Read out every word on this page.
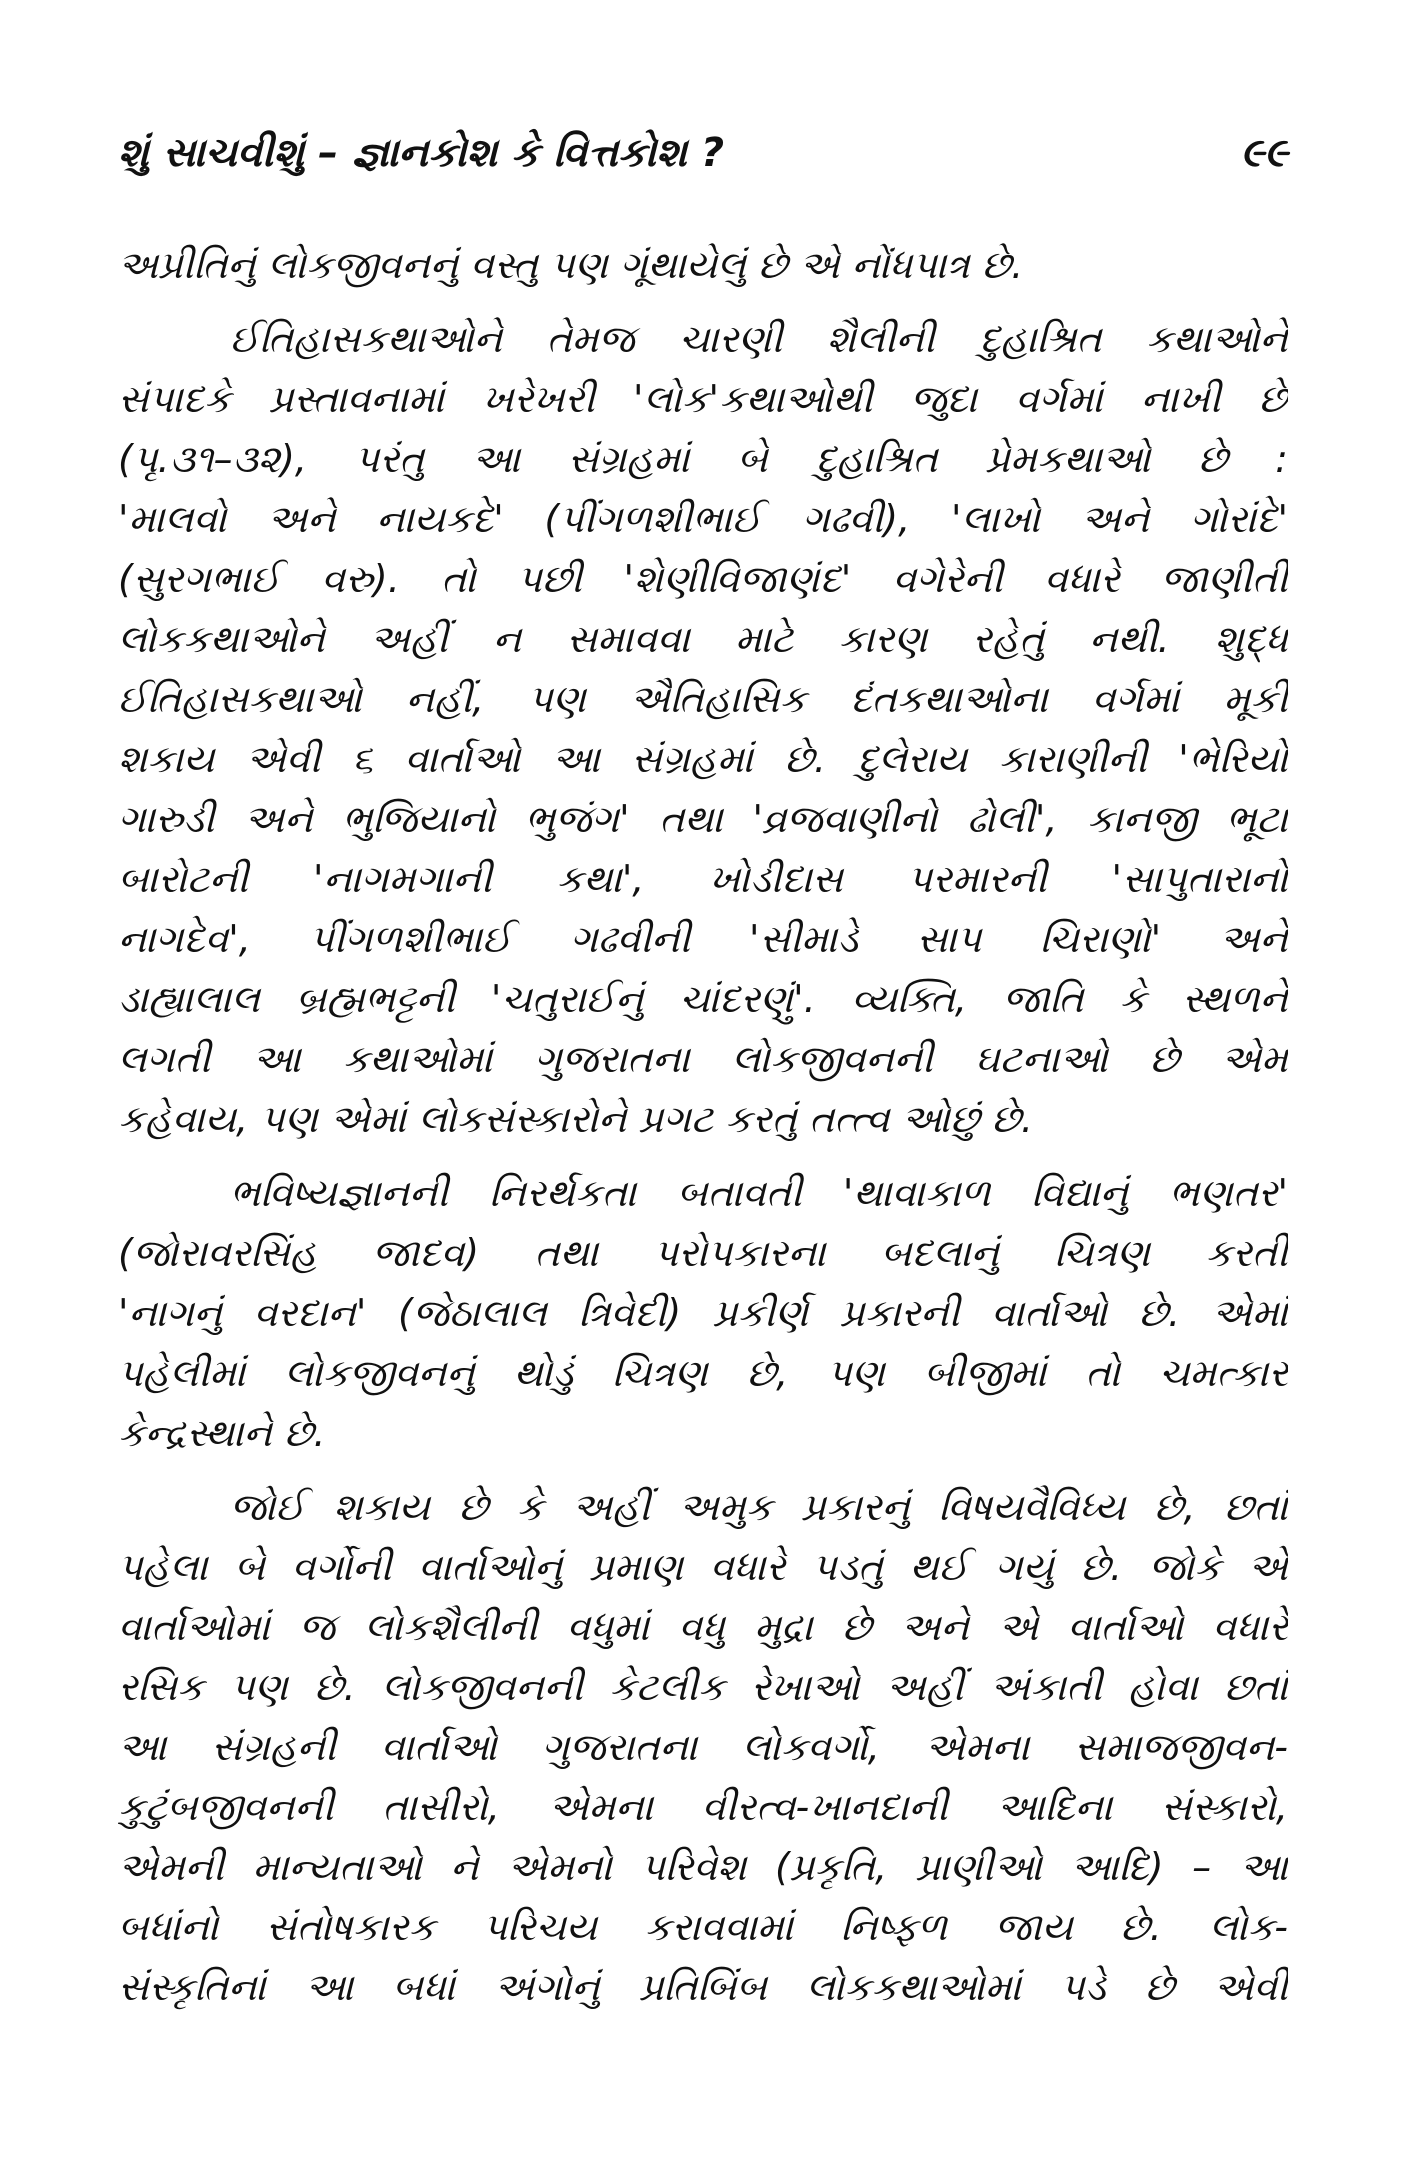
શું સાચવીશું – જ્ઞાનકોશ કે વિત્તકોશ ?	૯૯
અપ્રીતિનું લોકજીવનનું વસ્તુ પણ ગૂંથાયેલું છે એ નોંધપાત્ર છે.
ઈતિહાસકથાઓને તેમજ ચારણી શૈલીની દુહાશ્રિત કથાઓને
સંપાદકે પ્રસ્તાવનામાં ખરેખરી 'લોક'કથાઓથી જુદા વર્ગમાં નાખી છે
(પૃ.૩૧–૩૨), પરંતુ આ સંગ્રહમાં બે દુહાશ્રિત પ્રેમકથાઓ છે :
'માલવો અને નાયકદે' (પીંગળશીભાઈ ગઢવી), 'લાખો અને ગોરાંદે'
(સુરગભાઈ વરુ). તો પછી 'શેણીવિજાણંદ' વગેરેની વધારે જાણીતી
લોકકથાઓને અહીં ન સમાવવા માટે કારણ રહેતું નથી. શુદ્ધ
ઈતિહાસકથાઓ નહીં, પણ ઐતિહાસિક દંતકથાઓના વર્ગમાં મૂકી
શકાય એવી ૬ વાર્તાઓ આ સંગ્રહમાં છે. દુલેરાય કારાણીની 'ભેરિયો
ગારુડી અને ભુજિયાનો ભુજંગ' તથા 'વ્રજવાણીનો ઢોલી', કાનજી ભૂટા
બારોટની 'નાગમગાની કથા', ખોડીદાસ પરમારની 'સાપુતારાનો
નાગદેવ', પીંગળશીભાઈ ગઢવીની 'સીમાડે સાપ ચિરાણો' અને
ડાહ્યાલાલ બ્રહ્મભટ્ટની 'ચતુરાઈનું ચાંદરણું'. વ્યક્તિ, જાતિ કે સ્થળને
લગતી આ કથાઓમાં ગુજરાતના લોકજીવનની ઘટનાઓ છે એમ
કહેવાય, પણ એમાં લોકસંસ્કારોને પ્રગટ કરતું તત્ત્વ ઓછું છે.
ભવિષ્યજ્ઞાનની નિરર્થકતા બતાવતી 'થાવાકાળ વિદ્યાનું ભણતર'
(જોરાવરસિંહ જાદવ) તથા પરોપકારના બદલાનું ચિત્રણ કરતી
'નાગનું વરદાન' (જેઠાલાલ ત્રિવેદી) પ્રકીર્ણ પ્રકારની વાર્તાઓ છે. એમાં
પહેલીમાં લોકજીવનનું થોડું ચિત્રણ છે, પણ બીજીમાં તો ચમત્કાર
કેન્દ્રસ્થાને છે.
જોઈ શકાય છે કે અહીં અમુક પ્રકારનું વિષયવૈવિધ્ય છે, છતાં
પહેલા બે વર્ગોની વાર્તાઓનું પ્રમાણ વધારે પડતું થઈ ગયું છે. જોકે એ
વાર્તાઓમાં જ લોકશૈલીની વધુમાં વધુ મુદ્રા છે અને એ વાર્તાઓ વધારે
રસિક પણ છે. લોકજીવનની કેટલીક રેખાઓ અહીં અંકાતી હોવા છતાં
આ સંગ્રહની વાર્તાઓ ગુજરાતના લોકવર્ગો, એમના સમાજજીવન-
કુટુંબજીવનની તાસીરો, એમના વીરત્વ-ખાનદાની આદિના સંસ્કારો,
એમની માન્યતાઓ ને એમનો પરિવેશ (પ્રકૃતિ, પ્રાણીઓ આદિ) – આ
બધાંનો સંતોષકારક પરિચય કરાવવામાં નિષ્ફળ જાય છે. લોક-
સંસ્કૃતિનાં આ બધાં અંગોનું પ્રતિબિંબ લોકકથાઓમાં પડે છે એવી
